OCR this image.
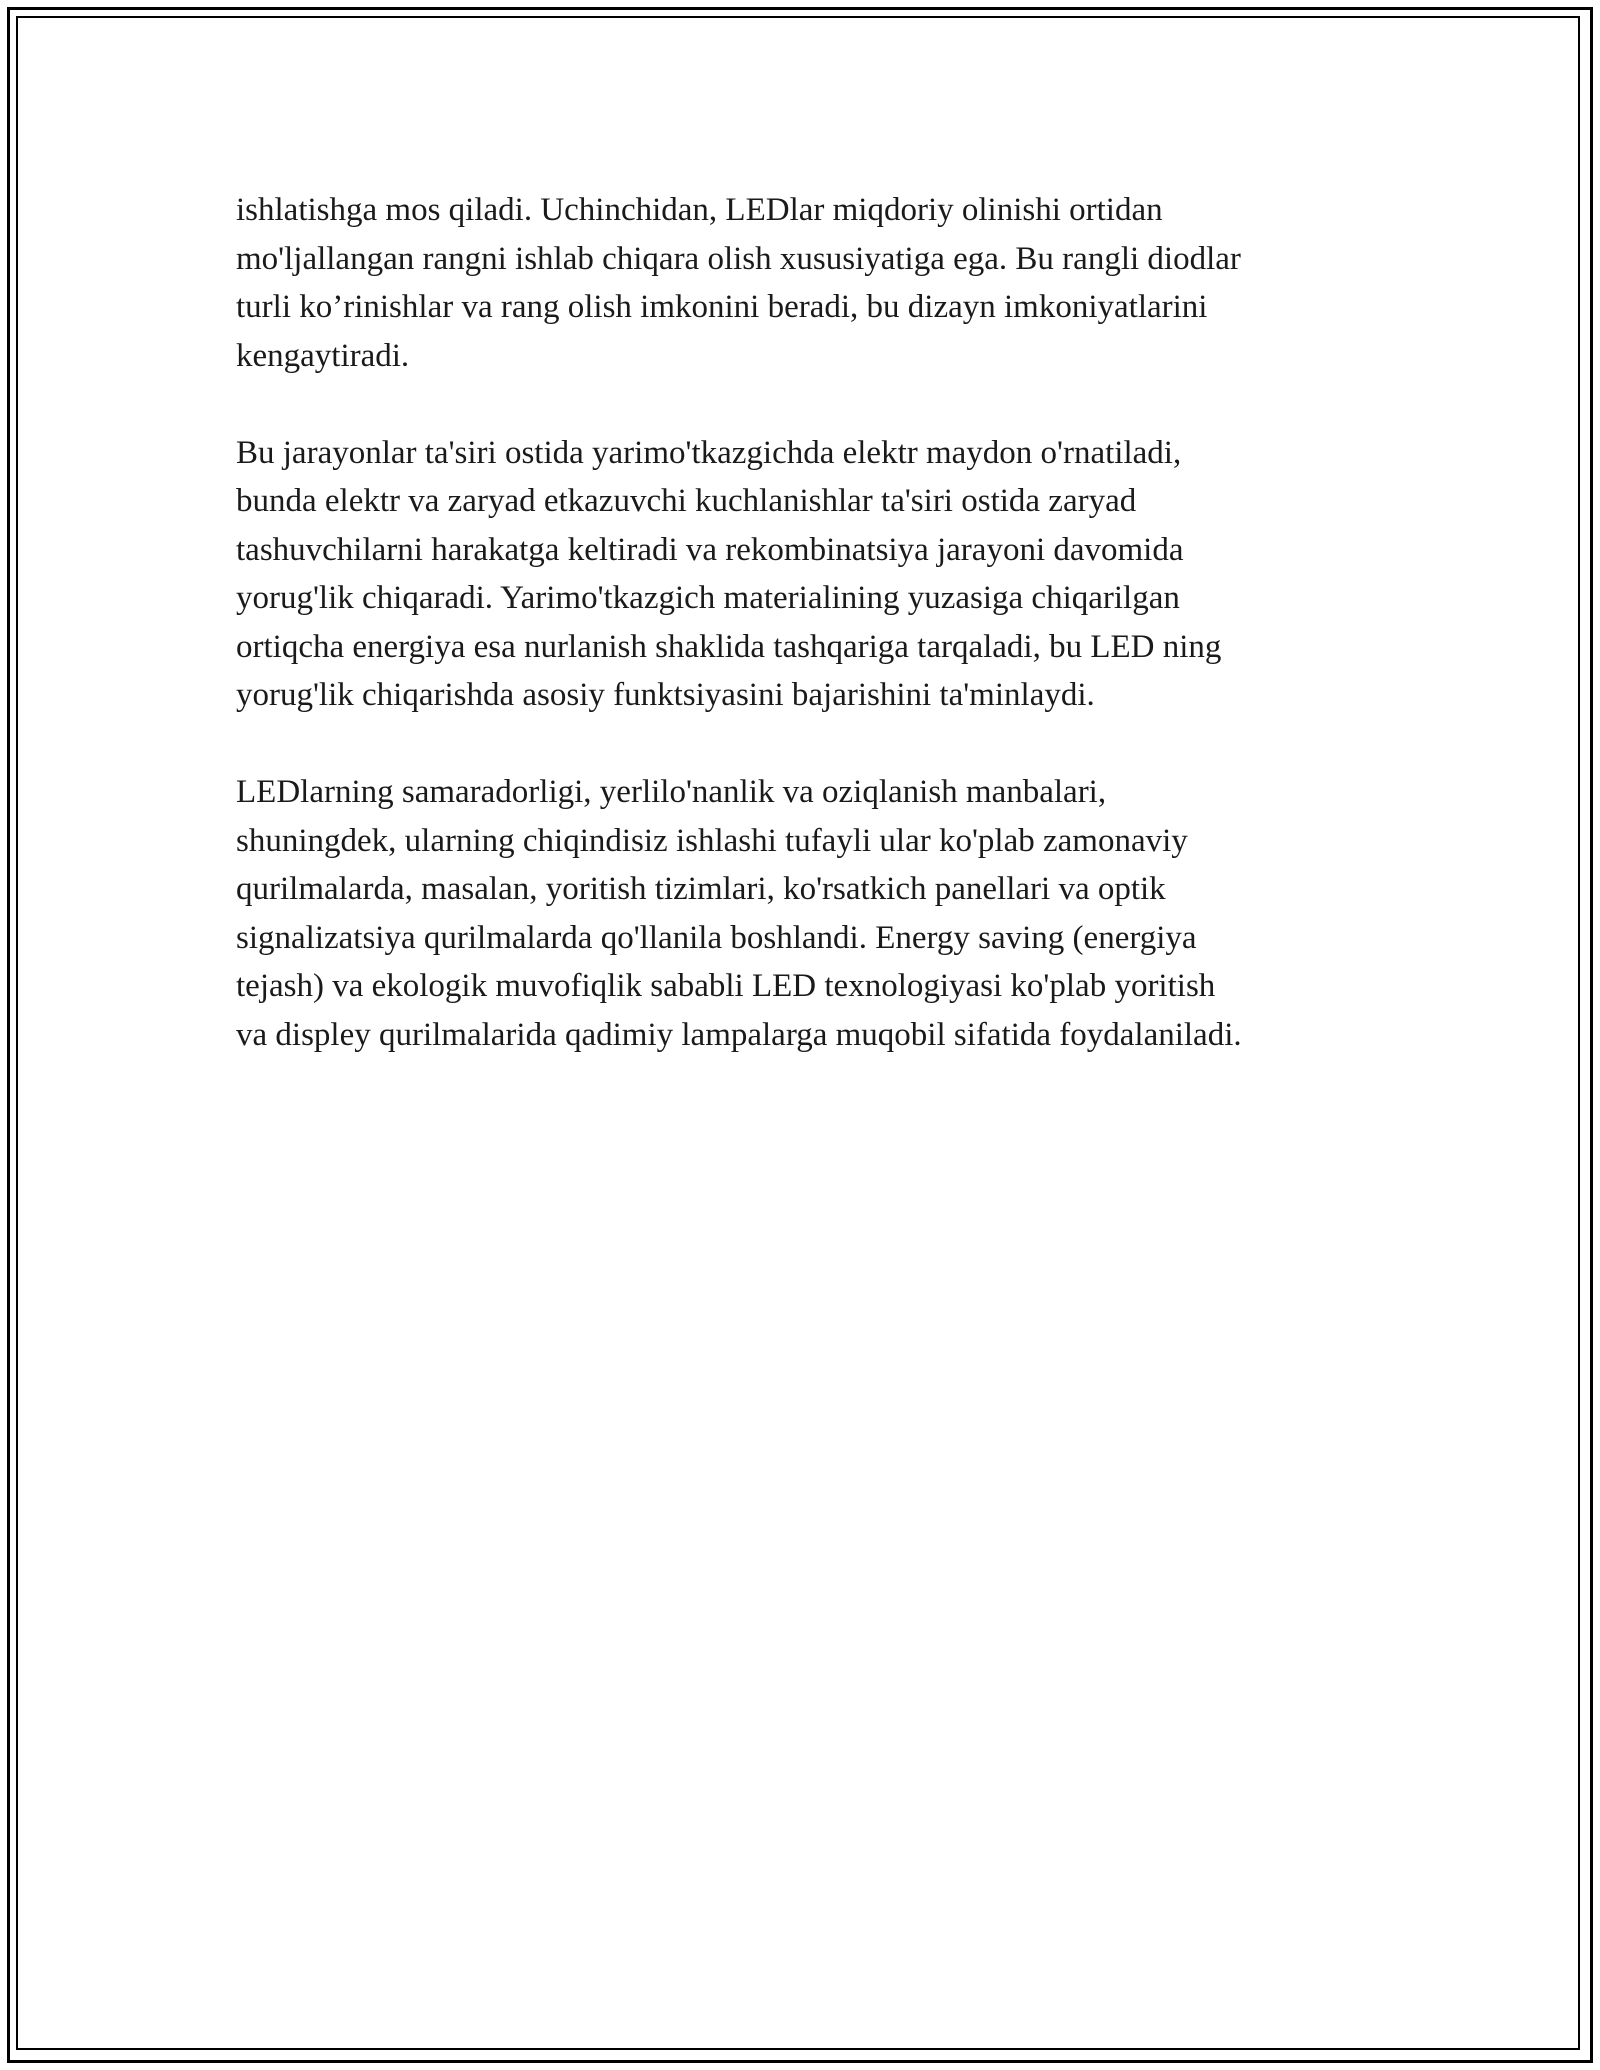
ishlatishga mos qiladi. Uchinchidan, LEDlar miqdoriy olinishi ortidan
mo'ljallangan rangni ishlab chiqara olish xususiyatiga ega. Bu rangli diodlar
turli ko’rinishlar va rang olish imkonini beradi, bu dizayn imkoniyatlarini
kengaytiradi.

Bu jarayonlar ta'siri ostida yarimo'tkazgichda elektr maydon o'rnatiladi,
bunda elektr va zaryad etkazuvchi kuchlanishlar ta'siri ostida zaryad
tashuvchilarni harakatga keltiradi va rekombinatsiya jarayoni davomida
yorug'lik chiqaradi. Yarimo'tkazgich materialining yuzasiga chiqarilgan
ortiqcha energiya esa nurlanish shaklida tashqariga tarqaladi, bu LED ning
yorug'lik chiqarishda asosiy funktsiyasini bajarishini ta'minlaydi.

LEDlarning samaradorligi, yerlilo'nanlik va oziqlanish manbalari,
shuningdek, ularning chiqindisiz ishlashi tufayli ular ko'plab zamonaviy
qurilmalarda, masalan, yoritish tizimlari, ko'rsatkich panellari va optik
signalizatsiya qurilmalarda qo'llanila boshlandi. Energy saving (energiya
tejash) va ekologik muvofiqlik sababli LED texnologiyasi ko'plab yoritish
va displey qurilmalarida qadimiy lampalarga muqobil sifatida foydalaniladi.
